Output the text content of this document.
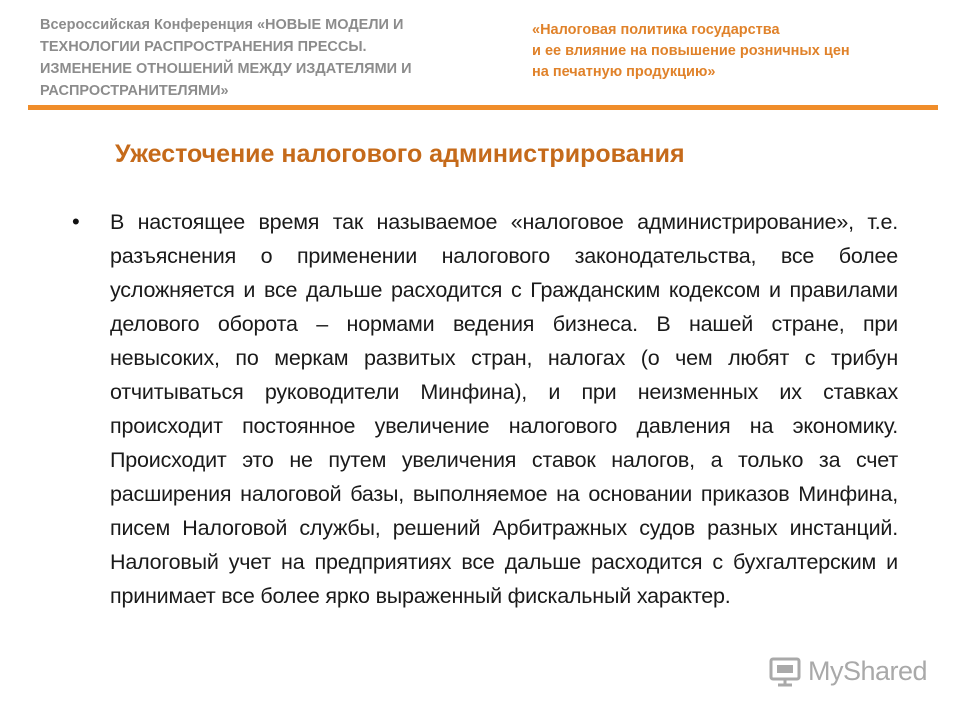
Всероссийская Конференция «НОВЫЕ МОДЕЛИ И
ТЕХНОЛОГИИ РАСПРОСТРАНЕНИЯ ПРЕССЫ.
ИЗМЕНЕНИЕ ОТНОШЕНИЙ МЕЖДУ ИЗДАТЕЛЯМИ И
РАСПРОСТРАНИТЕЛЯМИ»
«Налоговая политика государства
и ее влияние на повышение розничных цен
на печатную продукцию»
Ужесточение налогового администрирования
•	В настоящее время так называемое «налоговое администрирование», т.е. разъяснения о применении налогового законодательства, все более усложняется и все дальше расходится с Гражданским кодексом и правилами делового оборота – нормами ведения бизнеса. В нашей стране, при невысоких, по меркам развитых стран, налогах (о чем любят с трибун отчитываться руководители Минфина), и при неизменных их ставках происходит постоянное увеличение налогового давления на экономику. Происходит это не путем увеличения ставок налогов, а только за счет расширения налоговой базы, выполняемое на основании приказов Минфина, писем Налоговой службы, решений Арбитражных судов разных инстанций. Налоговый учет на предприятиях все дальше расходится с бухгалтерским и принимает все более ярко выраженный фискальный характер.
MyShared
